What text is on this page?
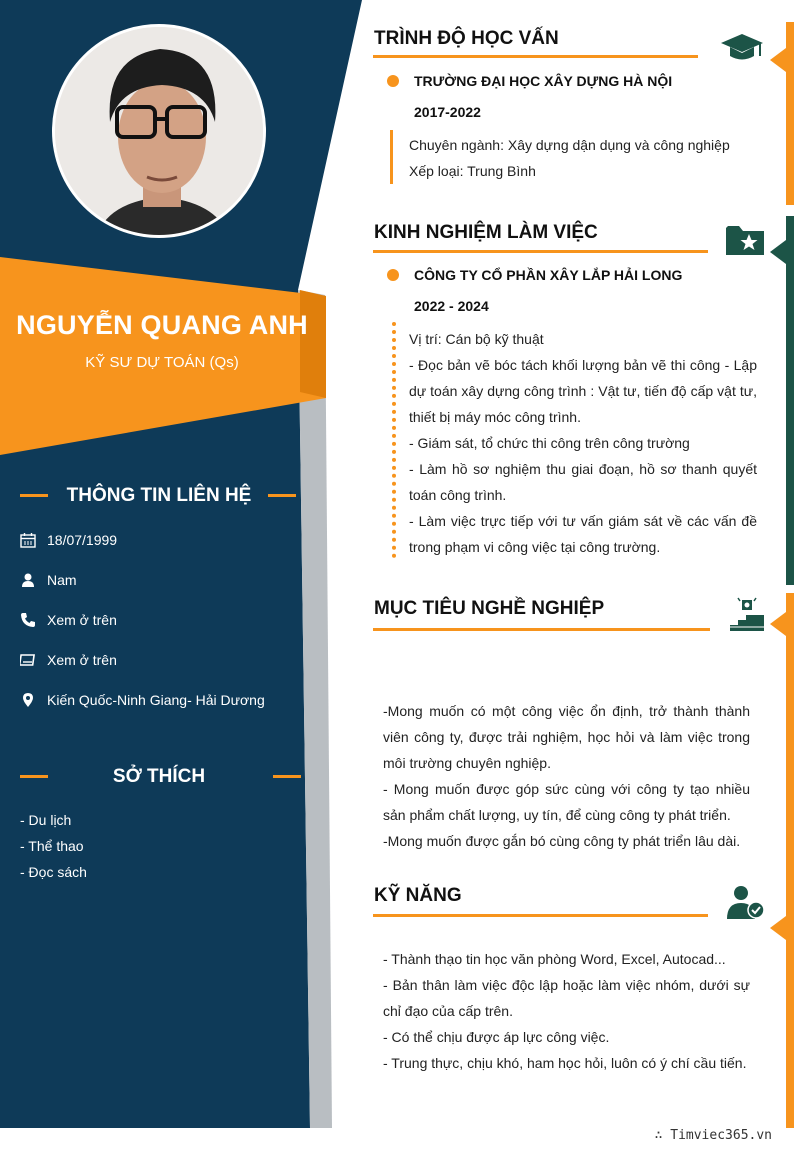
NGUYỄN QUANG ANH
KỸ SƯ DỰ TOÁN (Qs)
THÔNG TIN LIÊN HỆ
18/07/1999
Nam
Xem ở trên
Xem ở trên
Kiến Quốc-Ninh Giang- Hải Dương
SỞ THÍCH
- Du lịch
- Thể thao
- Đọc sách
TRÌNH ĐỘ HỌC VẤN
TRƯỜNG ĐẠI HỌC XÂY DỰNG HÀ NỘI
2017-2022
Chuyên ngành: Xây dựng dận dụng và công nghiệp
Xếp loại: Trung Bình
KINH NGHIỆM LÀM VIỆC
CÔNG TY CỔ PHẦN XÂY LẮP HẢI LONG
2022 - 2024
Vị trí: Cán bộ kỹ thuật
- Đọc bản vẽ bóc tách khối lượng bản vẽ thi công - Lập dự toán xây dựng công trình : Vật tư, tiến độ cấp vật tư, thiết bị máy móc công trình.
- Giám sát, tổ chức thi công trên công trường
- Làm hồ sơ nghiệm thu giai đoạn, hồ sơ thanh quyết toán công trình.
- Làm việc trực tiếp với tư vấn giám sát về các vấn đề trong phạm vi công việc tại công trường.
MỤC TIÊU NGHỀ NGHIỆP
-Mong muốn có một công việc ổn định, trở thành thành viên công ty, được trải nghiệm, học hỏi và làm việc trong môi trường chuyên nghiệp.
- Mong muốn được góp sức cùng với công ty tạo nhiều sản phẩm chất lượng, uy tín, để cùng công ty phát triển.
-Mong muốn được gắn bó cùng công ty phát triển lâu dài.
KỸ NĂNG
- Thành thạo tin học văn phòng Word, Excel, Autocad...
- Bản thân làm việc độc lập hoặc làm việc nhóm, dưới sự chỉ đạo của cấp trên.
- Có thể chịu được áp lực công việc.
- Trung thực, chịu khó, ham học hỏi, luôn có ý chí cầu tiến.
∴ Timviec365.vn
